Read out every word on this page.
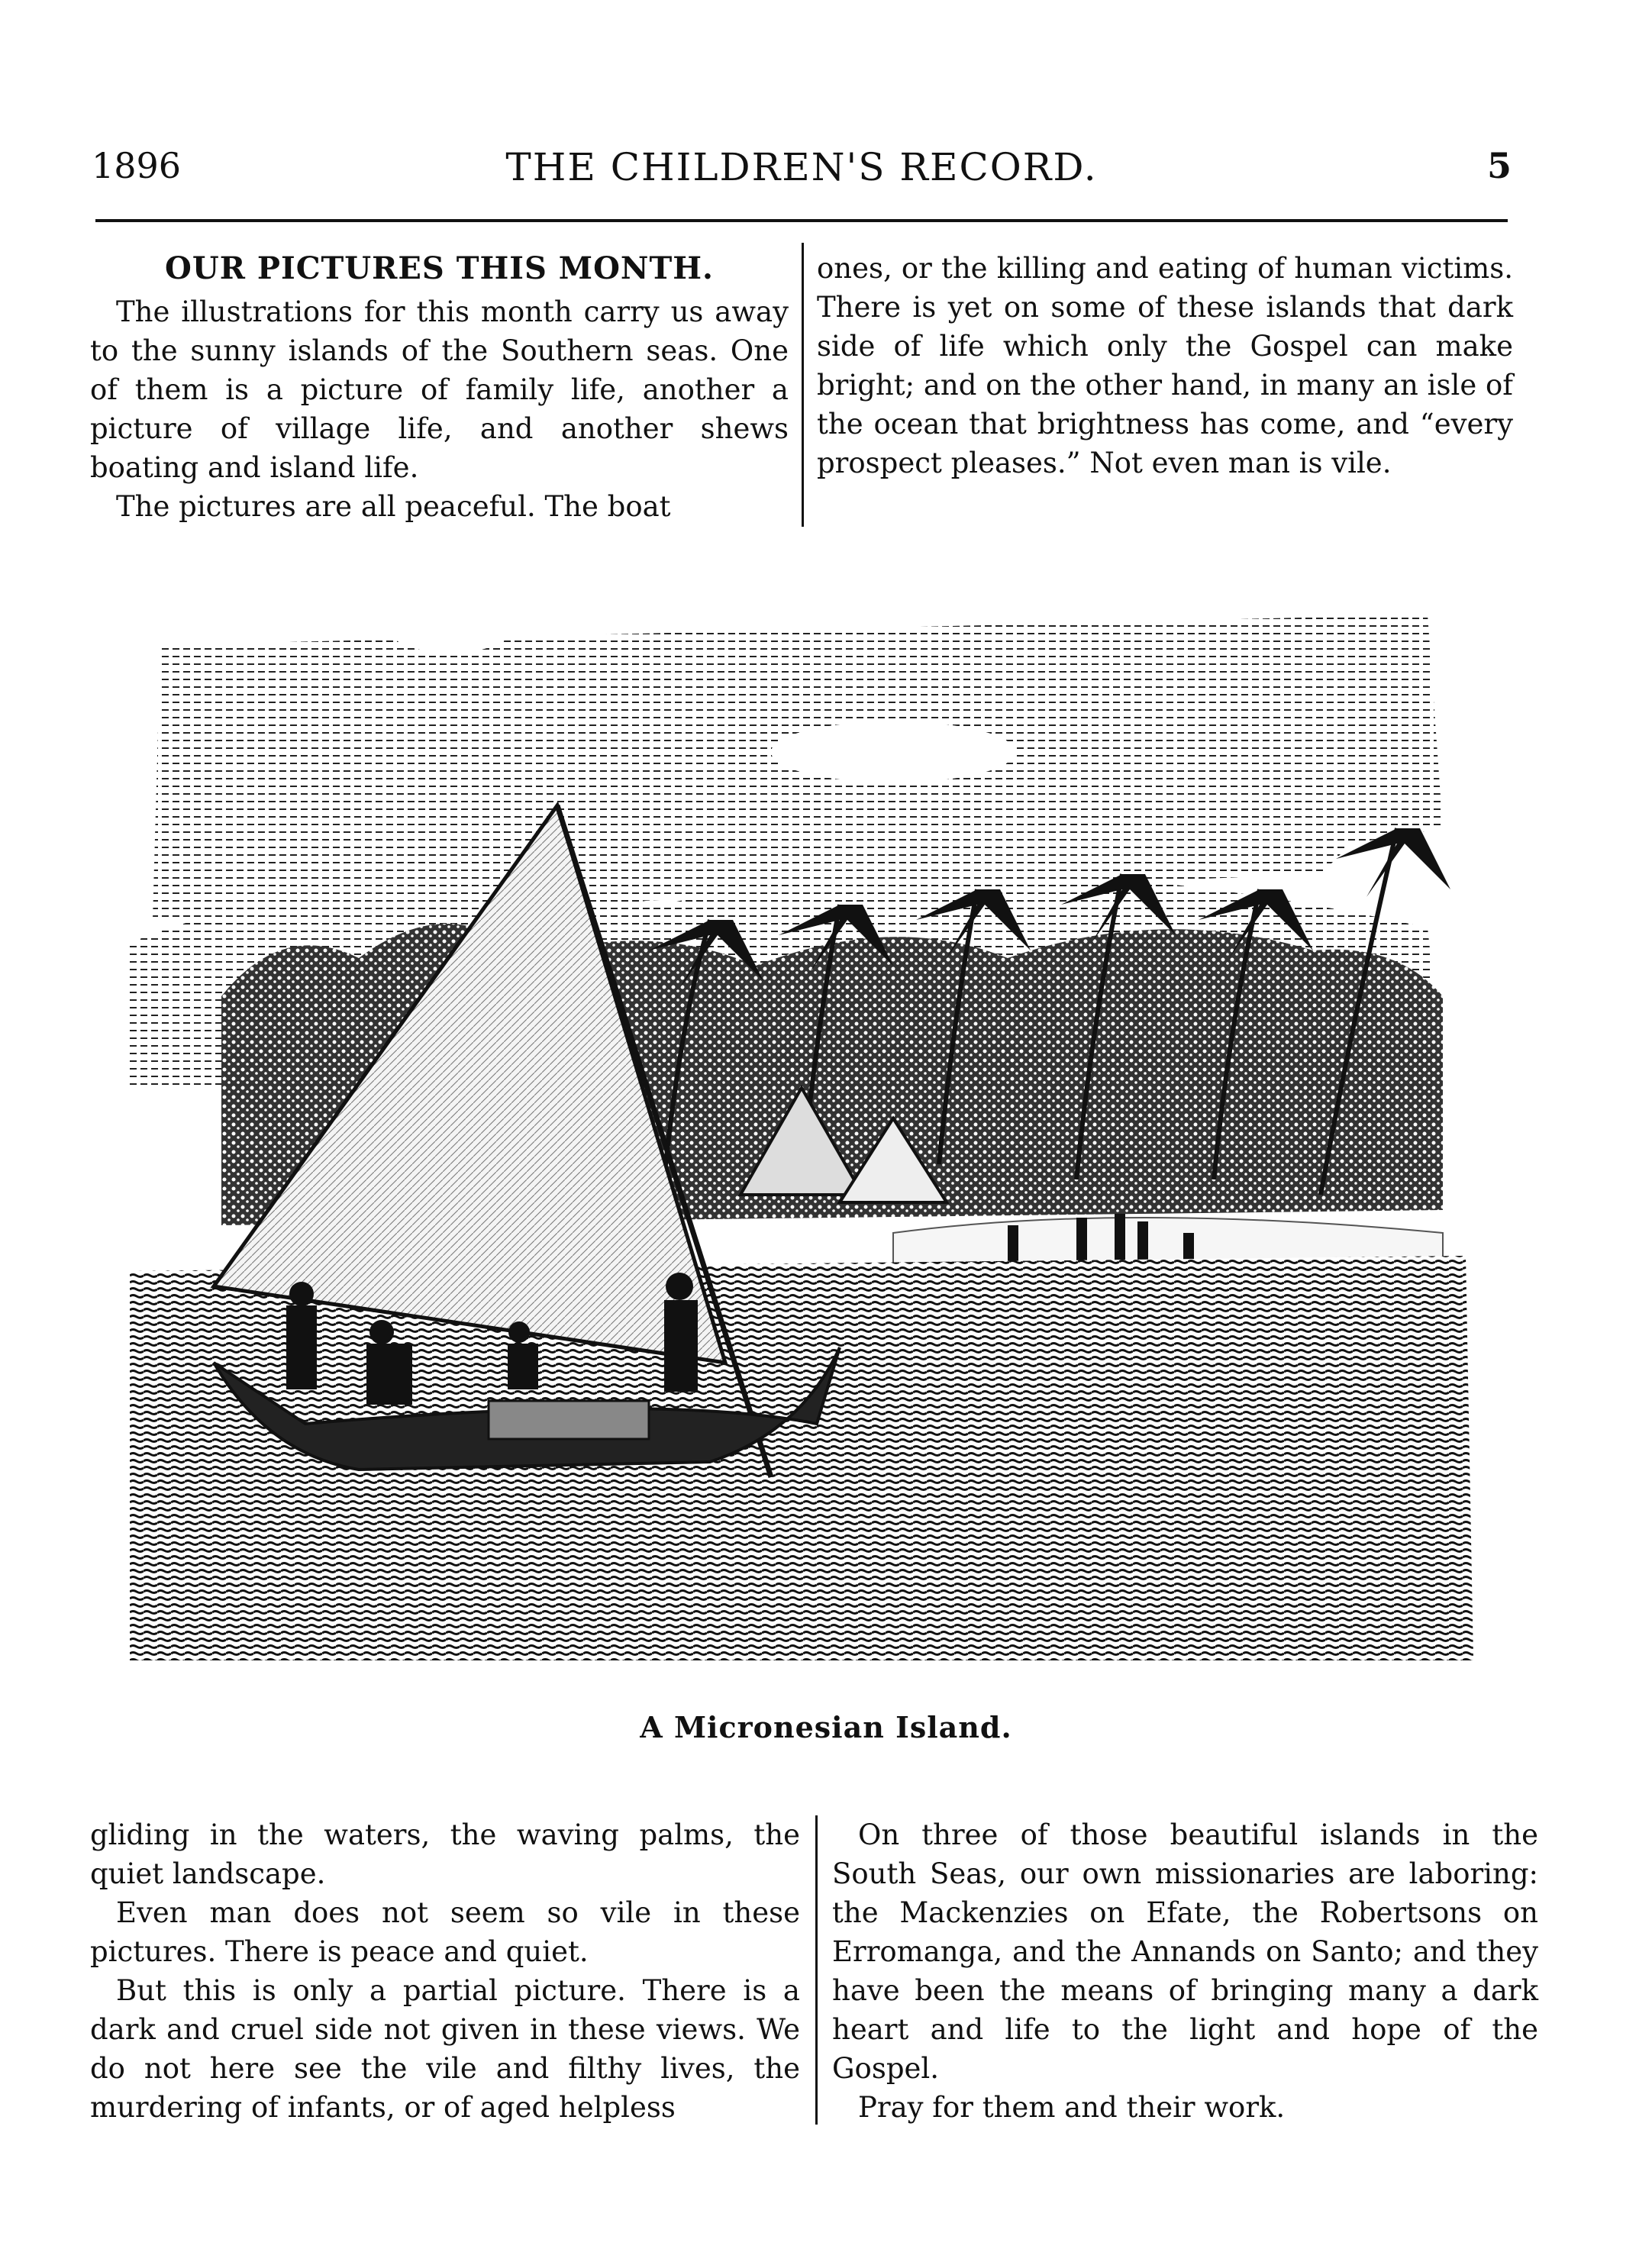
1896	THE CHILDREN'S RECORD.	5
OUR PICTURES THIS MONTH.

The illustrations for this month carry us away to the sunny islands of the Southern seas. One of them is a picture of family life, another a picture of village life, and another shews boating and island life.

The pictures are all peaceful. The boat

ones, or the killing and eating of human victims. There is yet on some of these islands that dark side of life which only the Gospel can make bright; and on the other hand, in many an isle of the ocean that brightness has come, and “every prospect pleases.” Not even man is vile.

A Micronesian Island.

gliding in the waters, the waving palms, the quiet landscape.

Even man does not seem so vile in these pictures. There is peace and quiet.

But this is only a partial picture. There is a dark and cruel side not given in these views. We do not here see the vile and filthy lives, the murdering of infants, or of aged helpless

On three of those beautiful islands in the South Seas, our own missionaries are laboring: the Mackenzies on Efate, the Robertsons on Erromanga, and the Annands on Santo; and they have been the means of bringing many a dark heart and life to the light and hope of the Gospel.

Pray for them and their work.
